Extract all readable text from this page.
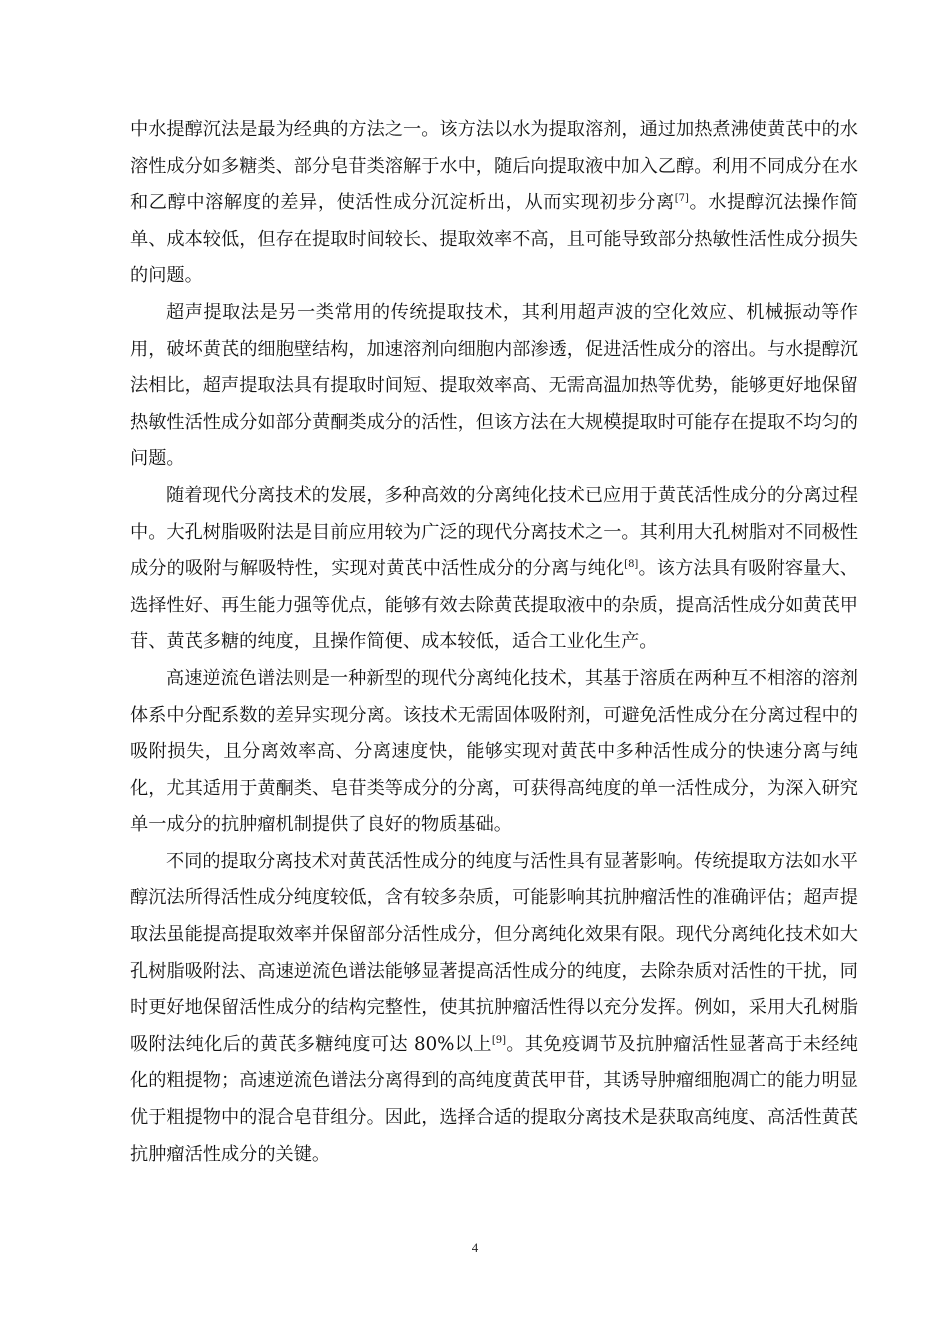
中水提醇沉法是最为经典的方法之一。该方法以水为提取溶剂，通过加热煮沸使黄芪中的水溶性成分如多糖类、部分皂苷类溶解于水中，随后向提取液中加入乙醇。利用不同成分在水和乙醇中溶解度的差异，使活性成分沉淀析出，从而实现初步分离[7]。水提醇沉法操作简单、成本较低，但存在提取时间较长、提取效率不高，且可能导致部分热敏性活性成分损失的问题。

超声提取法是另一类常用的传统提取技术，其利用超声波的空化效应、机械振动等作用，破坏黄芪的细胞壁结构，加速溶剂向细胞内部渗透，促进活性成分的溶出。与水提醇沉法相比，超声提取法具有提取时间短、提取效率高、无需高温加热等优势，能够更好地保留热敏性活性成分如部分黄酮类成分的活性，但该方法在大规模提取时可能存在提取不均匀的问题。

随着现代分离技术的发展，多种高效的分离纯化技术已应用于黄芪活性成分的分离过程中。大孔树脂吸附法是目前应用较为广泛的现代分离技术之一。其利用大孔树脂对不同极性成分的吸附与解吸特性，实现对黄芪中活性成分的分离与纯化[8]。该方法具有吸附容量大、选择性好、再生能力强等优点，能够有效去除黄芪提取液中的杂质，提高活性成分如黄芪甲苷、黄芪多糖的纯度，且操作简便、成本较低，适合工业化生产。

高速逆流色谱法则是一种新型的现代分离纯化技术，其基于溶质在两种互不相溶的溶剂体系中分配系数的差异实现分离。该技术无需固体吸附剂，可避免活性成分在分离过程中的吸附损失，且分离效率高、分离速度快，能够实现对黄芪中多种活性成分的快速分离与纯化，尤其适用于黄酮类、皂苷类等成分的分离，可获得高纯度的单一活性成分，为深入研究单一成分的抗肿瘤机制提供了良好的物质基础。

不同的提取分离技术对黄芪活性成分的纯度与活性具有显著影响。传统提取方法如水平醇沉法所得活性成分纯度较低，含有较多杂质，可能影响其抗肿瘤活性的准确评估；超声提取法虽能提高提取效率并保留部分活性成分，但分离纯化效果有限。现代分离纯化技术如大孔树脂吸附法、高速逆流色谱法能够显著提高活性成分的纯度，去除杂质对活性的干扰，同时更好地保留活性成分的结构完整性，使其抗肿瘤活性得以充分发挥。例如，采用大孔树脂吸附法纯化后的黄芪多糖纯度可达 80%以上[9]。其免疫调节及抗肿瘤活性显著高于未经纯化的粗提物；高速逆流色谱法分离得到的高纯度黄芪甲苷，其诱导肿瘤细胞凋亡的能力明显优于粗提物中的混合皂苷组分。因此，选择合适的提取分离技术是获取高纯度、高活性黄芪抗肿瘤活性成分的关键。

4
